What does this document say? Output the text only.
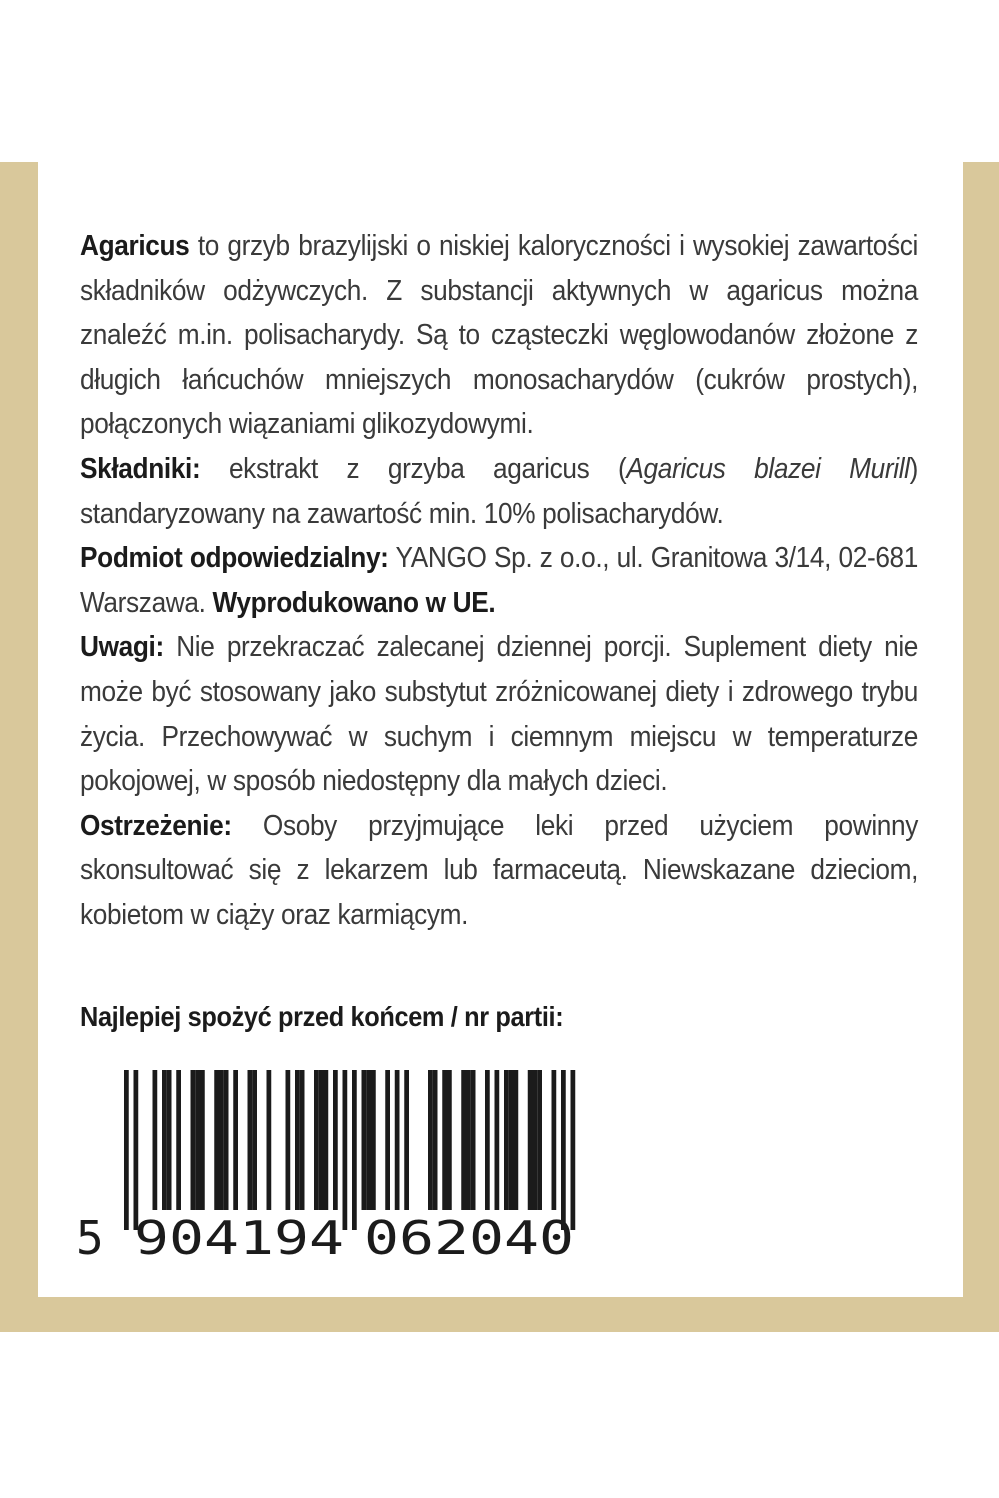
Agaricus to grzyb brazylijski o niskiej kaloryczności i wysokiej zawartości składników odżywczych. Z substancji aktywnych w agaricus można znaleźć m.in. polisacharydy. Są to cząsteczki węglowodanów złożone z długich łańcuchów mniejszych monosacharydów (cukrów prostych), połączonych wiązaniami glikozydowymi.

Składniki: ekstrakt z grzyba agaricus (Agaricus blazei Murill) standaryzowany na zawartość min. 10% polisacharydów.

Podmiot odpowiedzialny: YANGO Sp. z o.o., ul. Granitowa 3/14, 02-681 Warszawa. Wyprodukowano w UE.

Uwagi: Nie przekraczać zalecanej dziennej porcji. Suplement diety nie może być stosowany jako substytut zróżnicowanej diety i zdrowego trybu życia. Przechowywać w suchym i ciemnym miejscu w temperaturze pokojowej, w sposób niedostępny dla małych dzieci.

Ostrzeżenie: Osoby przyjmujące leki przed użyciem powinny skonsultować się z lekarzem lub farmaceutą. Niewskazane dzieciom, kobietom w ciąży oraz karmiącym.

Najlepiej spożyć przed końcem / nr partii:
5 904194 062040
